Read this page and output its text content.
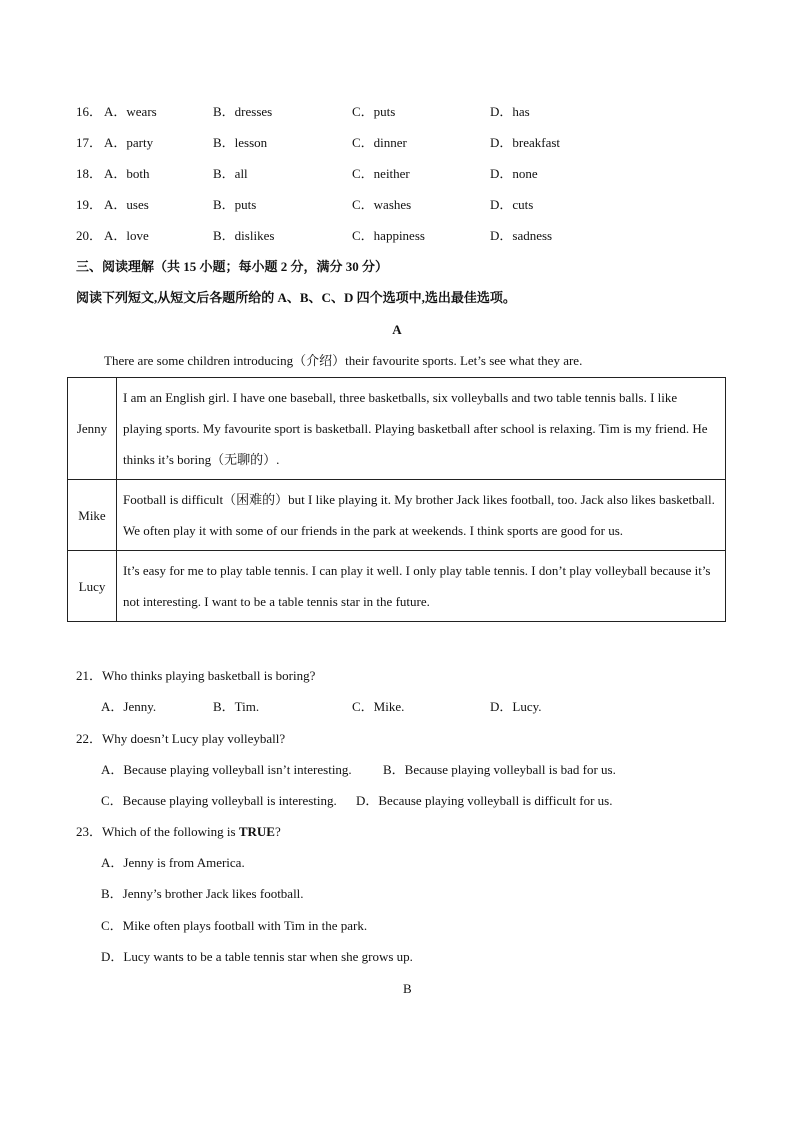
16． A．wears	B．dresses	C．puts	D．has
17． A．party	B．lesson	C．dinner	D．breakfast
18． A．both	B．all	C．neither	D．none
19． A．uses	B．puts	C．washes	D．cuts
20． A．love	B．dislikes	C．happiness	D．sadness
三、阅读理解（共 15 小题；每小题 2 分，满分 30 分）
阅读下列短文,从短文后各题所给的 A、B、C、D 四个选项中,选出最佳选项。
A
There are some children introducing（介绍）their favourite sports. Let’s see what they are.
Jenny	I am an English girl. I have one baseball, three basketballs, six volleyballs and two table tennis balls. I like playing sports. My favourite sport is basketball. Playing basketball after school is relaxing. Tim is my friend. He thinks it’s boring（无聊的）.
Mike	Football is difficult（困难的）but I like playing it. My brother Jack likes football, too. Jack also likes basketball. We often play it with some of our friends in the park at weekends. I think sports are good for us.
Lucy	It’s easy for me to play table tennis. I can play it well. I only play table tennis. I don’t play volleyball because it’s not interesting. I want to be a table tennis star in the future.
21．Who thinks playing basketball is boring?
A．Jenny.	B．Tim.	C．Mike.	D．Lucy.
22．Why doesn’t Lucy play volleyball?
A．Because playing volleyball isn’t interesting. B．Because playing volleyball is bad for us.
C．Because playing volleyball is interesting. D．Because playing volleyball is difficult for us.
23．Which of the following is TRUE?
A．Jenny is from America.
B．Jenny’s brother Jack likes football.
C．Mike often plays football with Tim in the park.
D．Lucy wants to be a table tennis star when she grows up.
B
